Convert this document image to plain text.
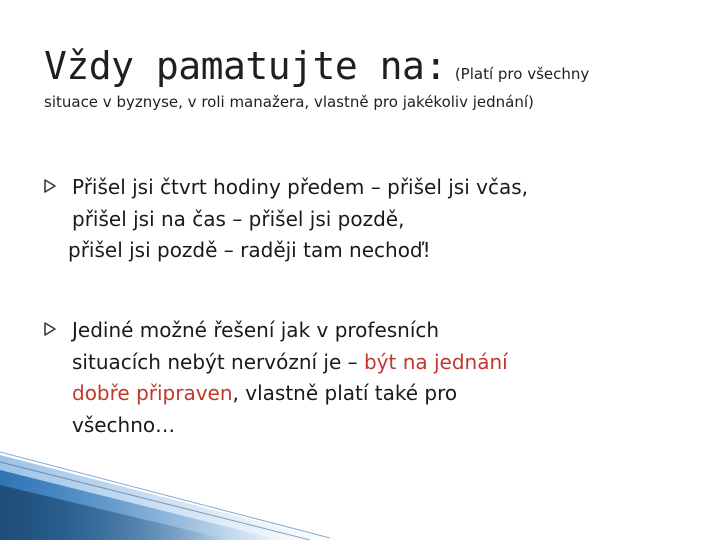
Vždy pamatujte na: (Platí pro všechny
situace v byznyse, v roli manažera, vlastně pro jakékoliv jednání)
Přišel jsi čtvrt hodiny předem – přišel jsi včas,
přišel jsi na čas – přišel jsi pozdě,
přišel jsi pozdě – raději tam nechoď!
Jediné možné řešení jak v profesních
situacích nebýt nervózní je – být na jednání
dobře připraven, vlastně platí také pro
všechno…
